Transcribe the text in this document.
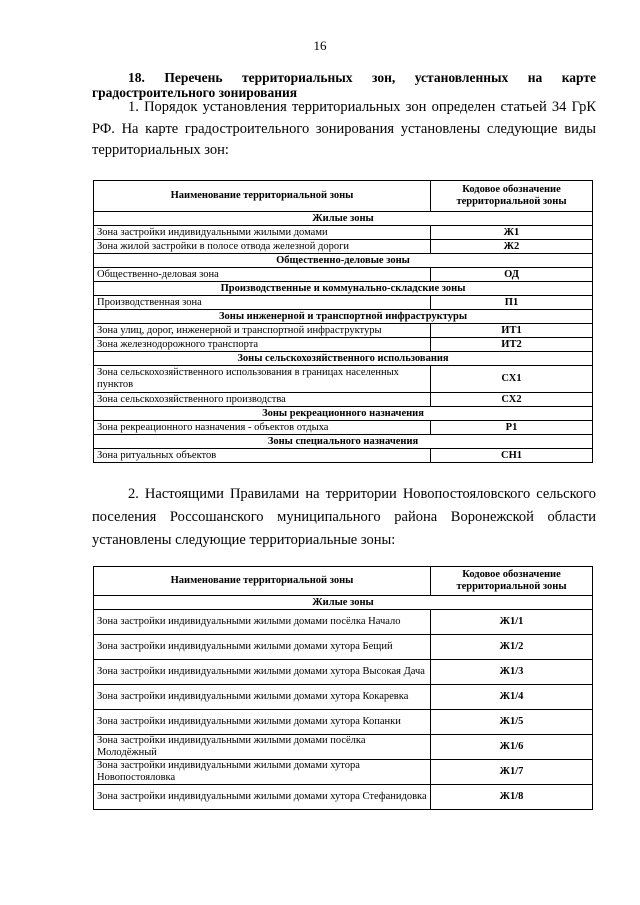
16
18. Перечень территориальных зон, установленных на карте градостроительного зонирования
1. Порядок установления территориальных зон определен статьей 34 ГрК РФ. На карте градостроительного зонирования установлены следующие виды территориальных зон:
Наименование территориальной зоны	Кодовое обозначение территориальной зоны
Жилые зоны	
Зона застройки индивидуальными жилыми домами	Ж1
Зона жилой застройки в полосе отвода железной дороги	Ж2
Общественно-деловые зоны	
Общественно-деловая зона	ОД
Производственные и коммунально-складские зоны	
Производственная зона	П1
Зоны инженерной и транспортной инфраструктуры	
Зона улиц, дорог, инженерной и транспортной инфраструктуры	ИТ1
Зона железнодорожного транспорта	ИТ2
Зоны сельскохозяйственного использования	
Зона сельскохозяйственного использования в границах населенных пунктов	СХ1
Зона сельскохозяйственного производства	СХ2
Зоны рекреационного назначения	
Зона рекреационного назначения - объектов отдыха	Р1
Зоны специального назначения	
Зона ритуальных объектов	СН1
2. Настоящими Правилами на территории Новопостояловского сельского поселения Россошанского муниципального района Воронежской области установлены следующие территориальные зоны:
Наименование территориальной зоны	Кодовое обозначение территориальной зоны
Жилые зоны	
Зона застройки индивидуальными жилыми домами посёлка Начало	Ж1/1
Зона застройки индивидуальными жилыми домами хутора Бещий	Ж1/2
Зона застройки индивидуальными жилыми домами хутора Высокая Дача	Ж1/3
Зона застройки индивидуальными жилыми домами хутора Кокаревка	Ж1/4
Зона застройки индивидуальными жилыми домами хутора Копанки	Ж1/5
Зона застройки индивидуальными жилыми домами посёлка Молодёжный	Ж1/6
Зона застройки индивидуальными жилыми домами хутора Новопостояловка	Ж1/7
Зона застройки индивидуальными жилыми домами хутора Стефанидовка	Ж1/8
